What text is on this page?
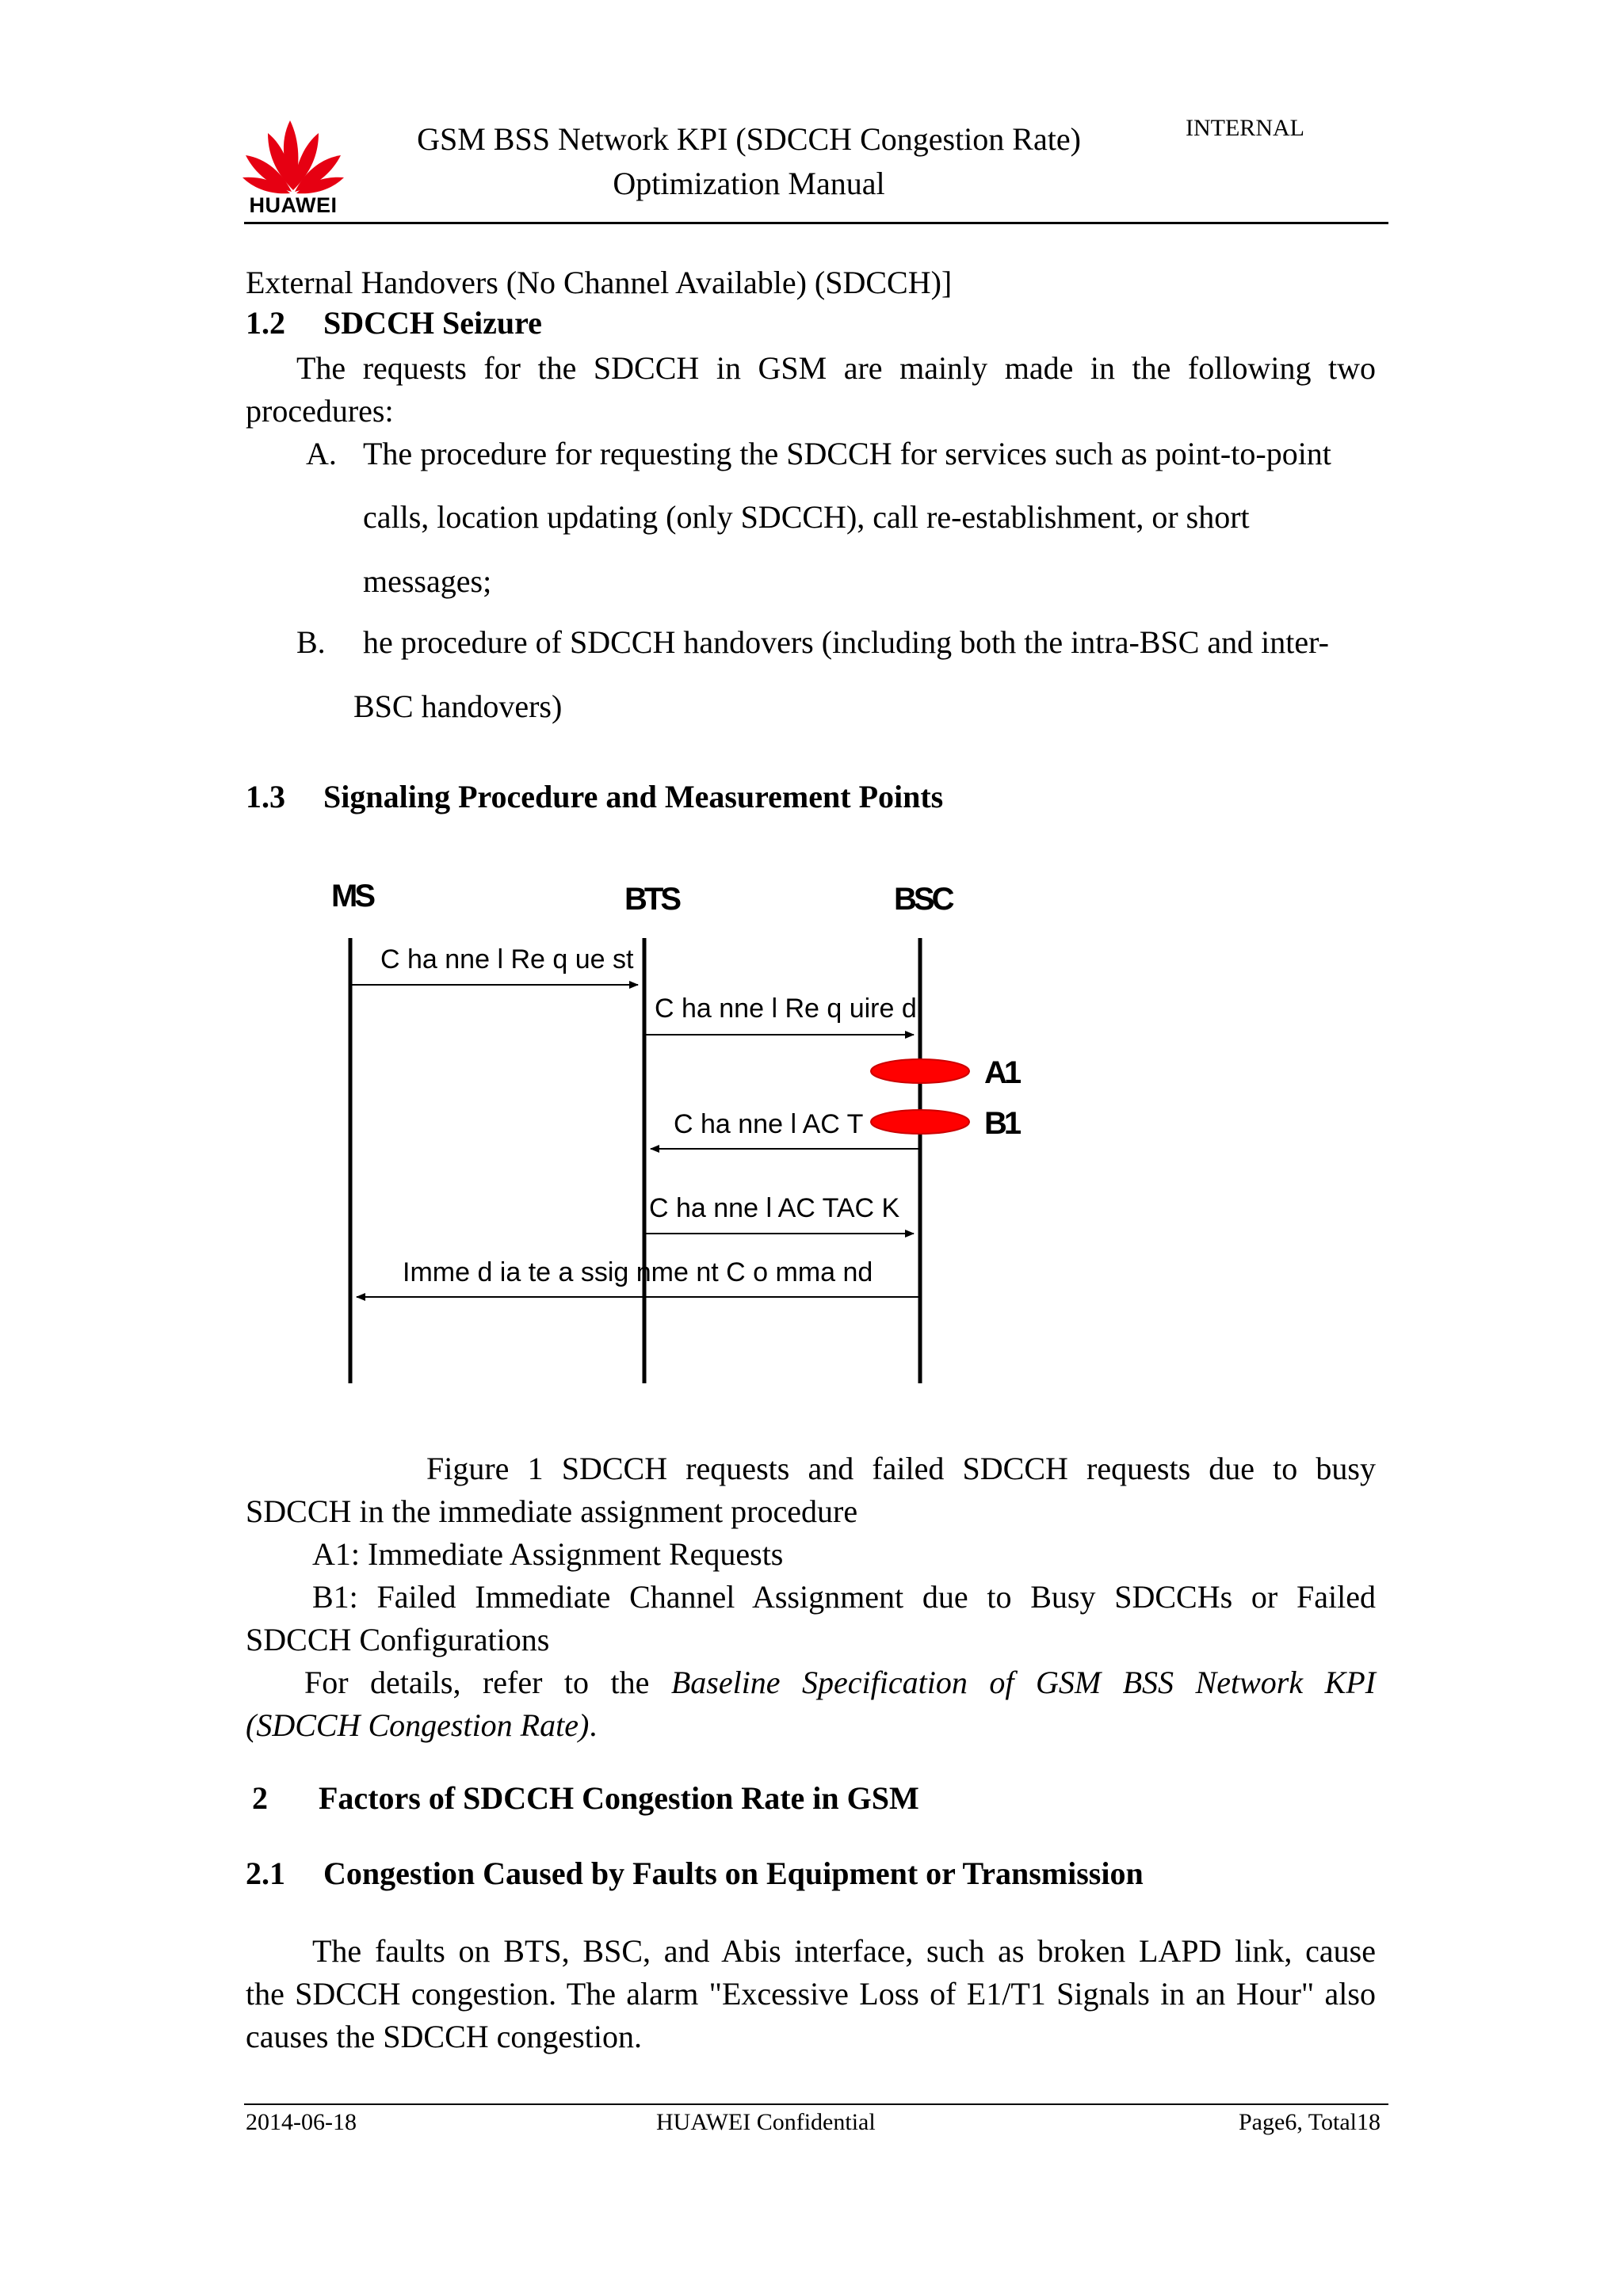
HUAWEI
GSM BSS Network KPI (SDCCH Congestion Rate)
Optimization Manual
INTERNAL
External Handovers (No Channel Available) (SDCCH)]
1.2 SDCCH Seizure
The requests for the SDCCH in GSM are mainly made in the following two
procedures:
A. The procedure for requesting the SDCCH for services such as point-to-point
calls, location updating (only SDCCH), call re-establishment, or short
messages;
B. he procedure of SDCCH handovers (including both the intra-BSC and inter-
BSC handovers)
1.3 Signaling Procedure and Measurement Points
MS	BTS	BSC
C ha nne l Re q ue st
C ha nne l Re q uire d
A1
B1
C ha nne l AC T
C ha nne l AC TAC K
Imme d ia te a ssig nme nt C o mma nd
Figure 1 SDCCH requests and failed SDCCH requests due to busy
SDCCH in the immediate assignment procedure
A1: Immediate Assignment Requests
B1: Failed Immediate Channel Assignment due to Busy SDCCHs or Failed
SDCCH Configurations
For details, refer to the Baseline Specification of GSM BSS Network KPI
(SDCCH Congestion Rate).
2 Factors of SDCCH Congestion Rate in GSM
2.1 Congestion Caused by Faults on Equipment or Transmission
The faults on BTS, BSC, and Abis interface, such as broken LAPD link, cause
the SDCCH congestion. The alarm "Excessive Loss of E1/T1 Signals in an Hour" also
causes the SDCCH congestion.
2014-06-18	HUAWEI Confidential	Page6, Total18
